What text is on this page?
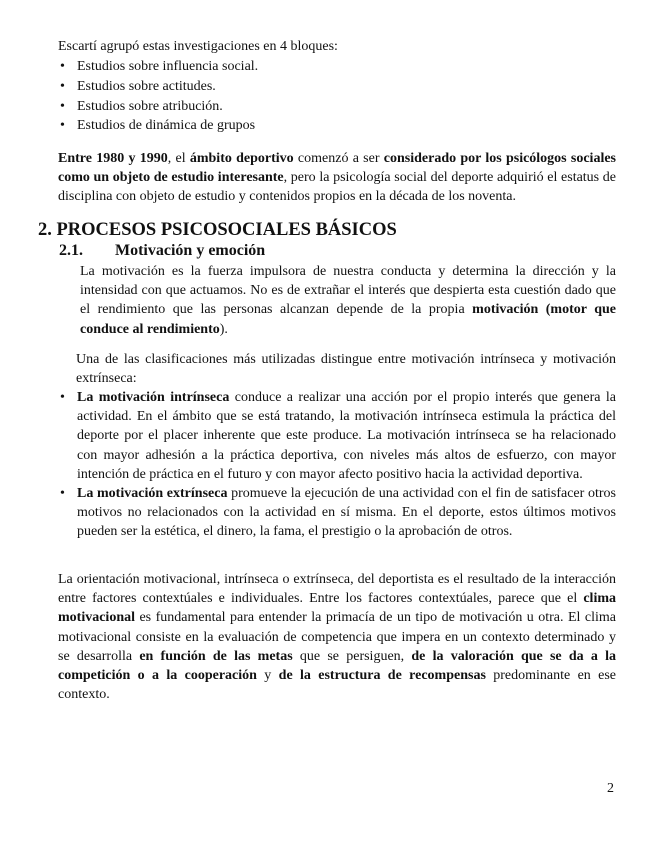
Escartí agrupó estas investigaciones en 4 bloques:

• Estudios sobre influencia social.
• Estudios sobre actitudes.
• Estudios sobre atribución.
• Estudios de dinámica de grupos

Entre 1980 y 1990, el ámbito deportivo comenzó a ser considerado por los psicólogos sociales como un objeto de estudio interesante, pero la psicología social del deporte adquirió el estatus de disciplina con objeto de estudio y contenidos propios en la década de los noventa.

2. PROCESOS PSICOSOCIALES BÁSICOS
2.1. Motivación y emoción

La motivación es la fuerza impulsora de nuestra conducta y determina la dirección y la intensidad con que actuamos. No es de extrañar el interés que despierta esta cuestión dado que el rendimiento que las personas alcanzan depende de la propia motivación (motor que conduce al rendimiento).

Una de las clasificaciones más utilizadas distingue entre motivación intrínseca y motivación extrínseca:

• La motivación intrínseca conduce a realizar una acción por el propio interés que genera la actividad. En el ámbito que se está tratando, la motivación intrínseca estimula la práctica del deporte por el placer inherente que este produce. La motivación intrínseca se ha relacionado con mayor adhesión a la práctica deportiva, con niveles más altos de esfuerzo, con mayor intención de práctica en el futuro y con mayor afecto positivo hacia la actividad deportiva.
• La motivación extrínseca promueve la ejecución de una actividad con el fin de satisfacer otros motivos no relacionados con la actividad en sí misma. En el deporte, estos últimos motivos pueden ser la estética, el dinero, la fama, el prestigio o la aprobación de otros.

La orientación motivacional, intrínseca o extrínseca, del deportista es el resultado de la interacción entre factores contextúales e individuales. Entre los factores contextúales, parece que el clima motivacional es fundamental para entender la primacía de un tipo de motivación u otra. El clima motivacional consiste en la evaluación de competencia que impera en un contexto determinado y se desarrolla en función de las metas que se persiguen, de la valoración que se da a la competición o a la cooperación y de la estructura de recompensas predominante en ese contexto.

2
